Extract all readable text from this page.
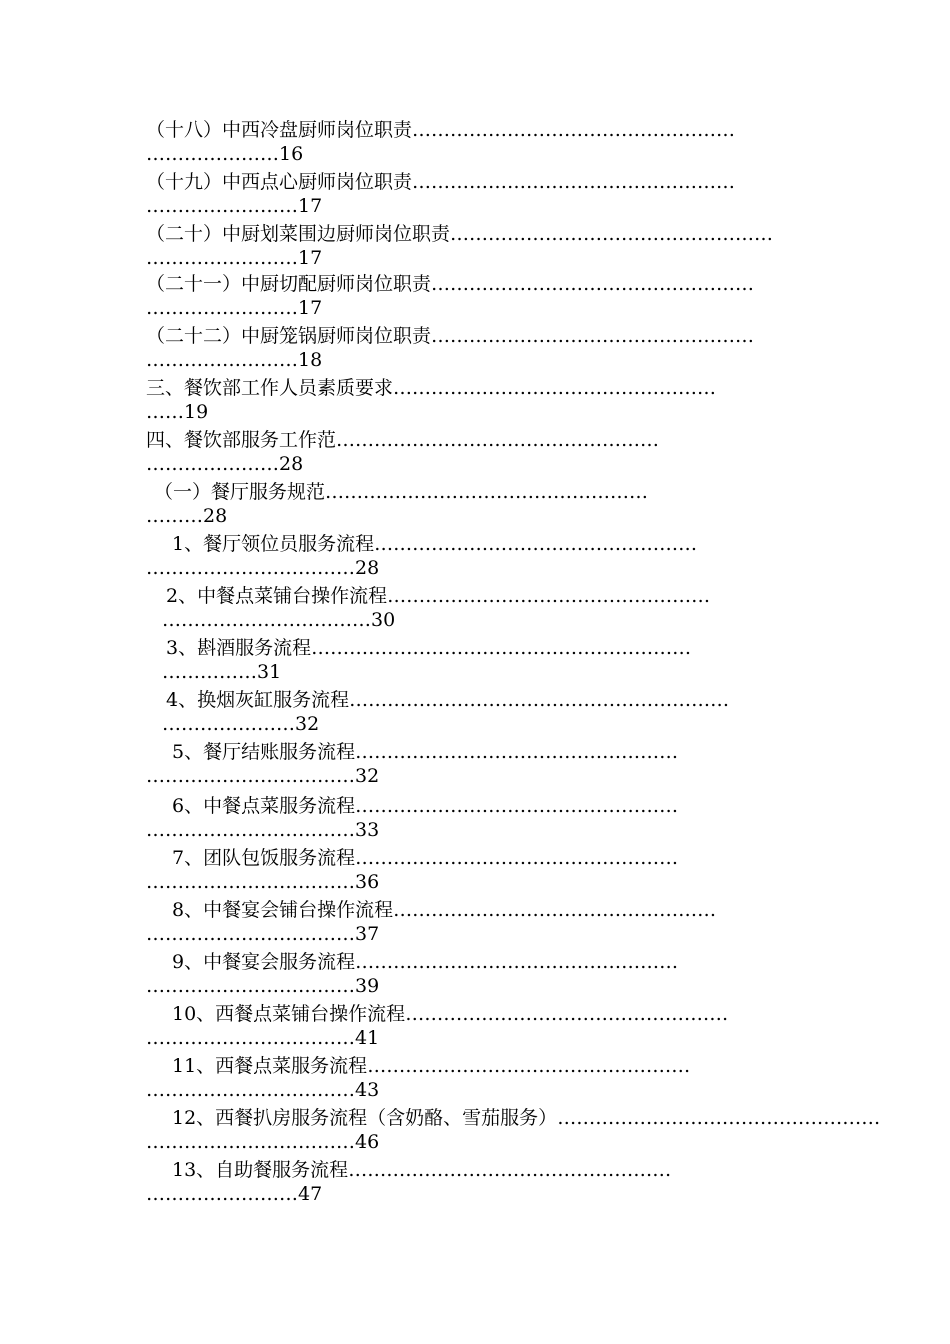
（十八）中西冷盘厨师岗位职责……………………………………………
…………………16
（十九）中西点心厨师岗位职责……………………………………………
……………………17
（二十）中厨划菜围边厨师岗位职责……………………………………………
……………………17
（二十一）中厨切配厨师岗位职责……………………………………………
……………………17
（二十二）中厨笼锅厨师岗位职责……………………………………………
……………………18
三、餐饮部工作人员素质要求……………………………………………
……19
四、餐饮部服务工作范……………………………………………
…………………28
（一）餐厅服务规范……………………………………………
………28
1、餐厅领位员服务流程……………………………………………
……………………………28
2、中餐点菜铺台操作流程……………………………………………
……………………………30
3、斟酒服务流程……………………………………………………
……………31
4、换烟灰缸服务流程……………………………………………………
…………………32
5、餐厅结账服务流程……………………………………………
……………………………32
6、中餐点菜服务流程……………………………………………
……………………………33
7、团队包饭服务流程……………………………………………
……………………………36
8、中餐宴会铺台操作流程……………………………………………
……………………………37
9、中餐宴会服务流程……………………………………………
……………………………39
10、西餐点菜铺台操作流程……………………………………………
……………………………41
11、西餐点菜服务流程……………………………………………
……………………………43
12、西餐扒房服务流程（含奶酪、雪茄服务）……………………………………………
……………………………46
13、自助餐服务流程……………………………………………
……………………47
